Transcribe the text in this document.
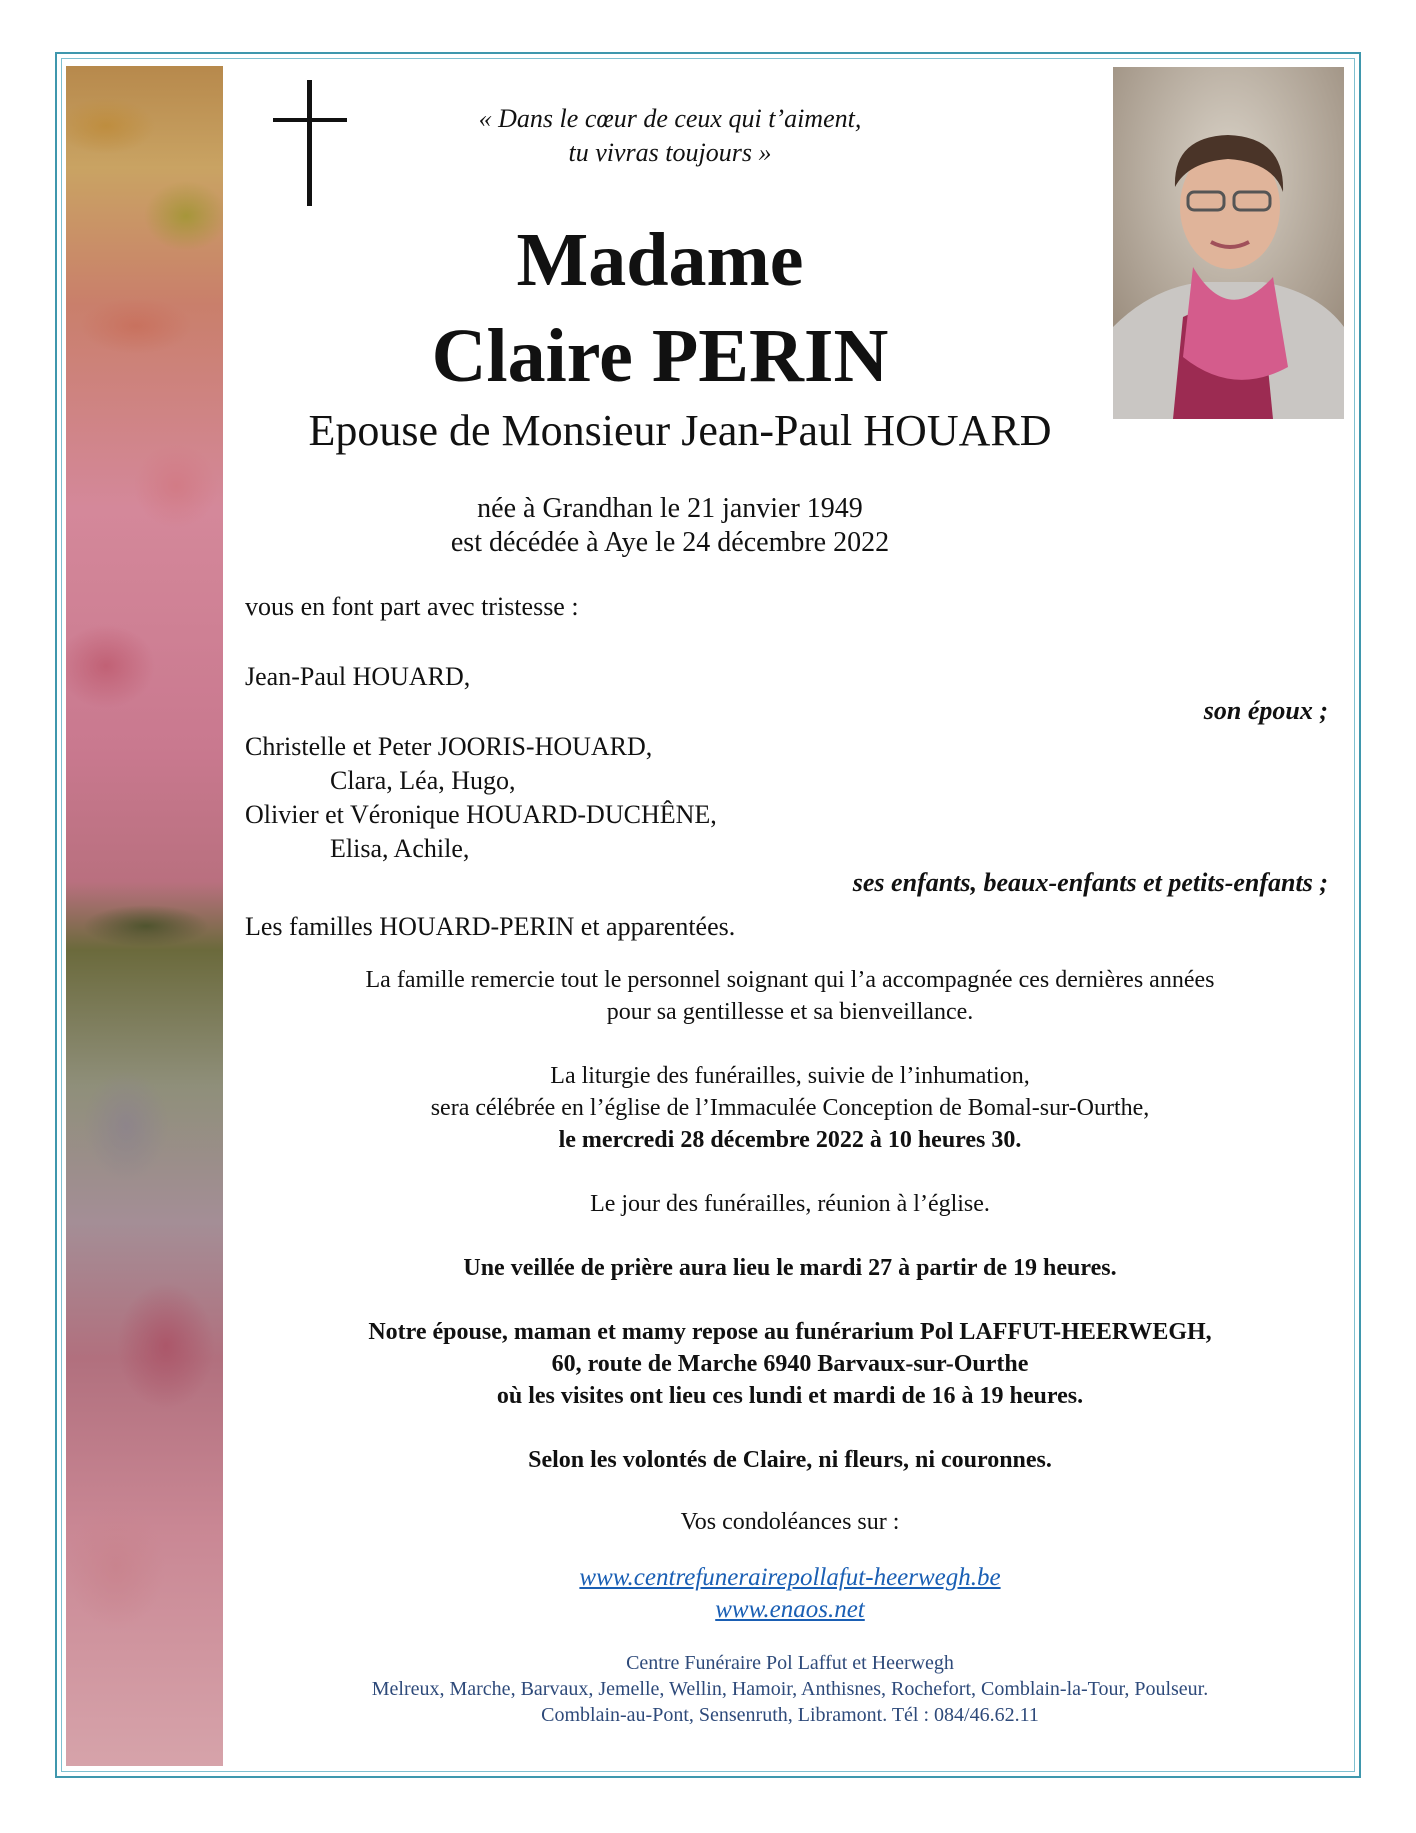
« Dans le cœur de ceux qui t’aiment,
tu vivras toujours »
Madame
Claire PERIN
Epouse de Monsieur Jean-Paul HOUARD
née à Grandhan le 21 janvier 1949
est décédée à Aye le 24 décembre 2022
vous en font part avec tristesse :
Jean-Paul HOUARD,
son époux ;
Christelle et Peter JOORIS-HOUARD,
Clara, Léa, Hugo,
Olivier et Véronique HOUARD-DUCHÊNE,
Elisa, Achile,
ses enfants, beaux-enfants et petits-enfants ;
Les familles HOUARD-PERIN et apparentées.
La famille remercie tout le personnel soignant qui l’a accompagnée ces dernières années
pour sa gentillesse et sa bienveillance.
La liturgie des funérailles, suivie de l’inhumation,
sera célébrée en l’église de l’Immaculée Conception de Bomal-sur-Ourthe,
le mercredi 28 décembre 2022 à 10 heures 30.
Le jour des funérailles, réunion à l’église.
Une veillée de prière aura lieu le mardi 27 à partir de 19 heures.
Notre épouse, maman et mamy repose au funérarium Pol LAFFUT-HEERWEGH,
60, route de Marche 6940 Barvaux-sur-Ourthe
où les visites ont lieu ces lundi et mardi de 16 à 19 heures.
Selon les volontés de Claire, ni fleurs, ni couronnes.
Vos condoléances sur :
www.centrefunerairepollafut-heerwegh.be
www.enaos.net
Centre Funéraire Pol Laffut et Heerwegh
Melreux, Marche, Barvaux, Jemelle, Wellin, Hamoir, Anthisnes, Rochefort, Comblain-la-Tour, Poulseur.
Comblain-au-Pont, Sensenruth, Libramont. Tél : 084/46.62.11
